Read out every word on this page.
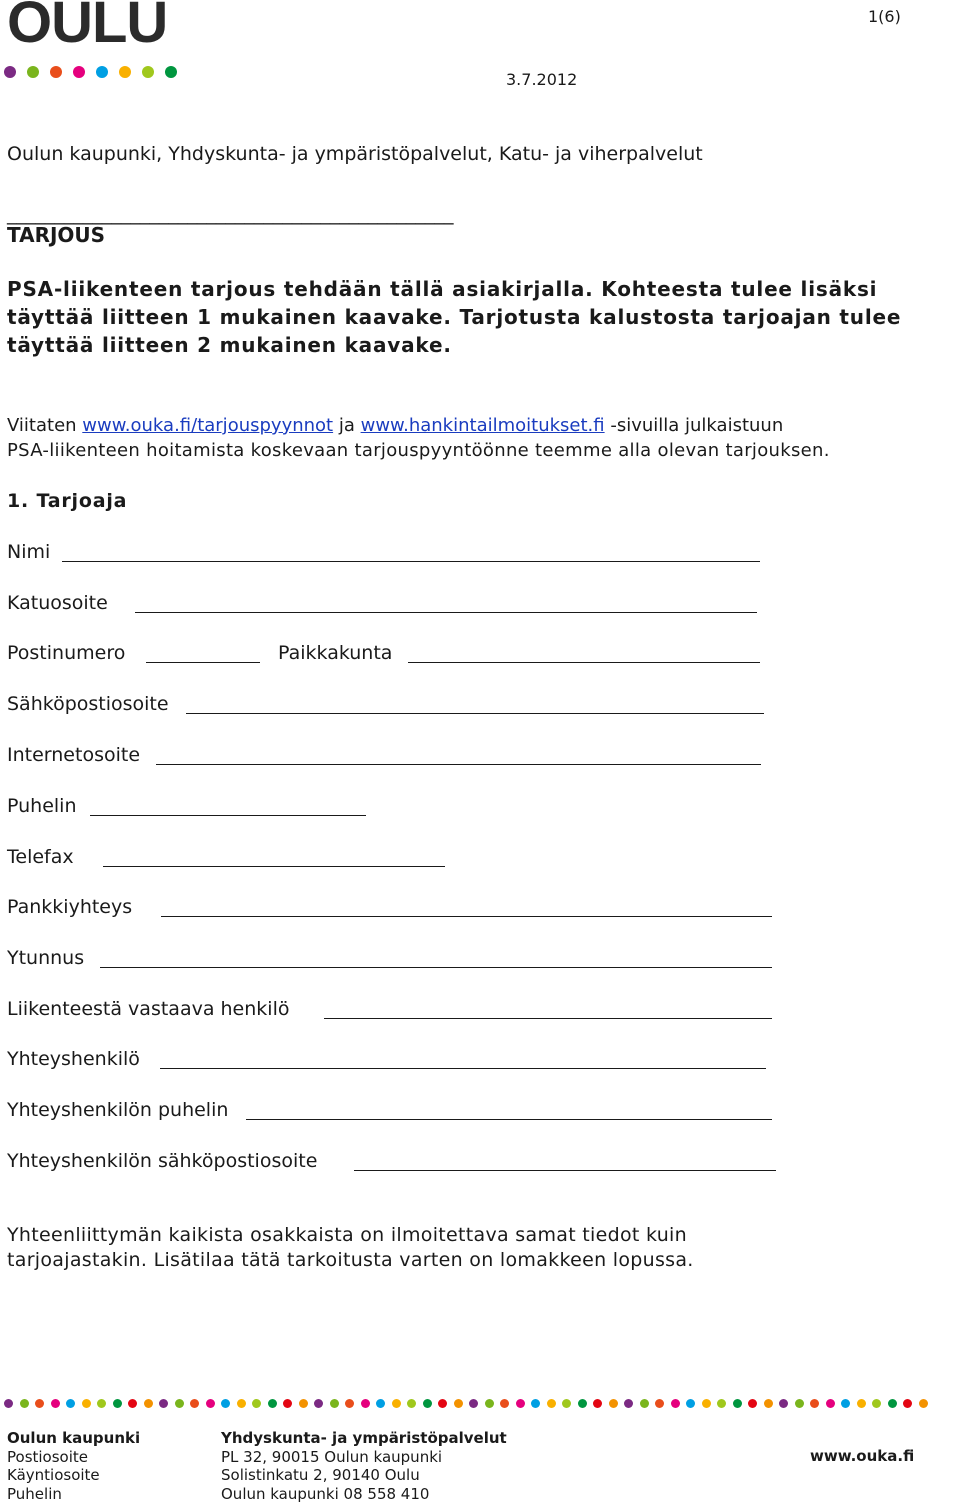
OULU	1(6)
3.7.2012
Oulun kaupunki, Yhdyskunta- ja ympäristöpalvelut, Katu- ja viherpalvelut
_______________________________________________
TARJOUS
PSA-liikenteen tarjous tehdään tällä asiakirjalla. Kohteesta tulee lisäksi
täyttää liitteen 1 mukainen kaavake. Tarjotusta kalustosta tarjoajan tulee
täyttää liitteen 2 mukainen kaavake.
Viitaten www.ouka.fi/tarjouspyynnot ja www.hankintailmoitukset.fi -sivuilla julkaistuun
PSA-liikenteen hoitamista koskevaan tarjouspyyntöönne teemme alla olevan tarjouksen.
1. Tarjoaja
Nimi
Katuosoite
Postinumero	Paikkakunta
Sähköpostiosoite
Internetosoite
Puhelin
Telefax
Pankkiyhteys
Ytunnus
Liikenteestä vastaava henkilö
Yhteyshenkilö
Yhteyshenkilön puhelin
Yhteyshenkilön sähköpostiosoite
Yhteenliittymän kaikista osakkaista on ilmoitettava samat tiedot kuin
tarjoajastakin. Lisätilaa tätä tarkoitusta varten on lomakkeen lopussa.
Oulun kaupunki
Postiosoite
Käyntiosoite
Puhelin
Yhdyskunta- ja ympäristöpalvelut
PL 32, 90015 Oulun kaupunki
Solistinkatu 2, 90140 Oulu
Oulun kaupunki 08 558 410
www.ouka.fi
